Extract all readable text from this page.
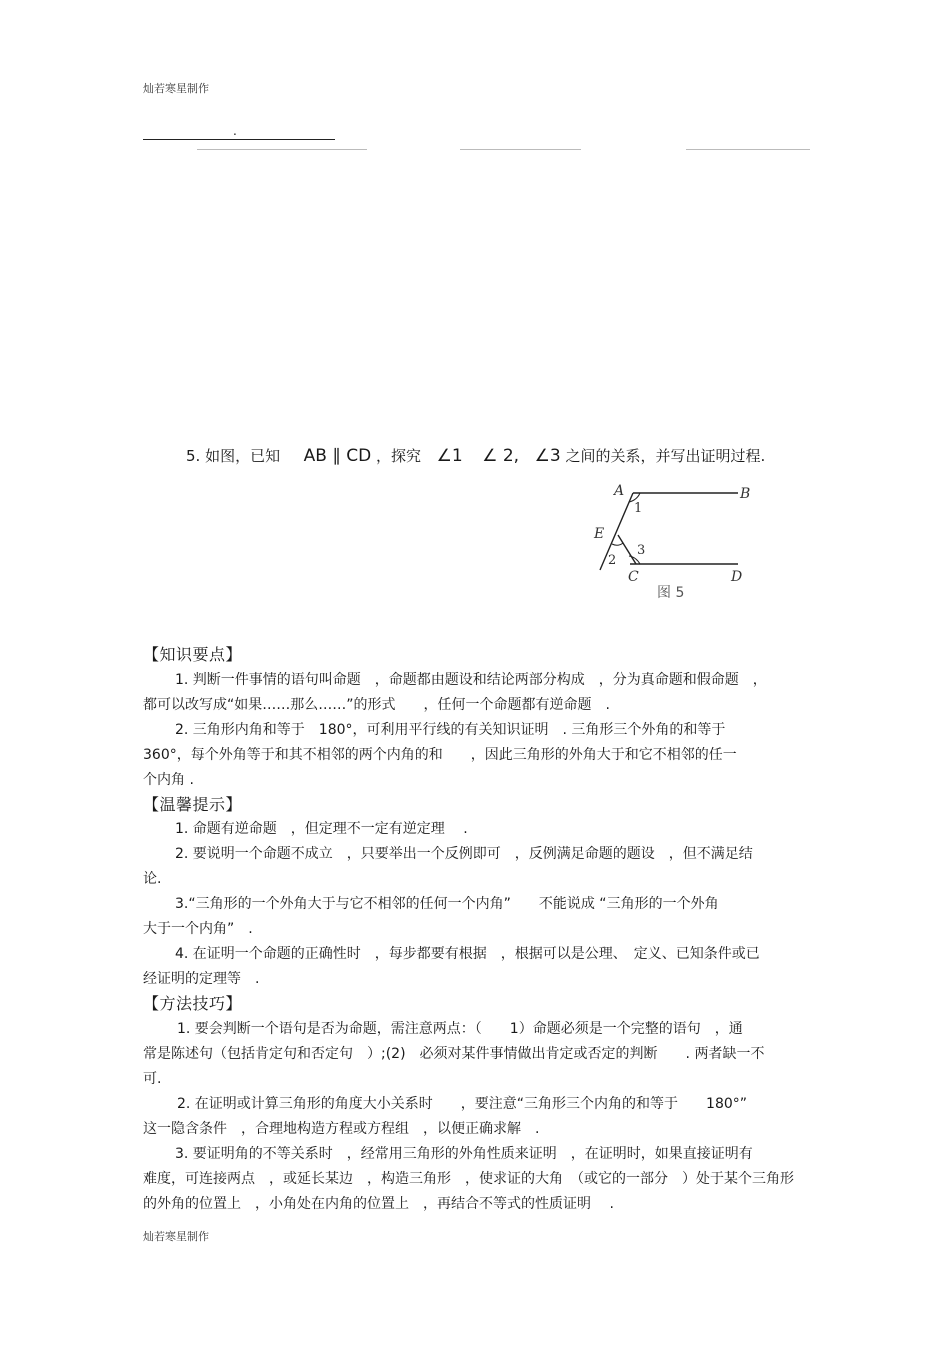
灿若寒星制作
.
5. 如图，已知 AB ∥ CD ，探究 ∠1 ∠ 2, ∠3 之间的关系，并写出证明过程.
A	B
C	D
E
1
2
3
图 5
【知识要点】
1. 判断一件事情的语句叫命题　，命题都由题设和结论两部分构成　，分为真命题和假命题　，
都可以改写成“如果……那么……”的形式　　，任何一个命题都有逆命题　.
2. 三角形内角和等于　180°，可利用平行线的有关知识证明　. 三角形三个外角的和等于
360°，每个外角等于和其不相邻的两个内角的和　　，因此三角形的外角大于和它不相邻的任一
个内角 .
【温馨提示】
1. 命题有逆命题　，但定理不一定有逆定理　 .
2. 要说明一个命题不成立　，只要举出一个反例即可　，反例满足命题的题设　，但不满足结
论.
3.“三角形的一个外角大于与它不相邻的任何一个内角”　　不能说成 “三角形的一个外角
大于一个内角”　.
4. 在证明一个命题的正确性时　，每步都要有根据　，根据可以是公理、　定义、已知条件或已
经证明的定理等　.
【方法技巧】
1. 要会判断一个语句是否为命题，需注意两点：（　　1）命题必须是一个完整的语句　，通
常是陈述句（包括肯定句和否定句　）;(2)　必须对某件事情做出肯定或否定的判断　　. 两者缺一不
可.
2. 在证明或计算三角形的角度大小关系时　　，要注意“三角形三个内角的和等于　　180°”
这一隐含条件　，合理地构造方程或方程组　，以便正确求解　.
3. 要证明角的不等关系时　，经常用三角形的外角性质来证明　，在证明时，如果直接证明有
难度，可连接两点　，或延长某边　，构造三角形　，使求证的大角　（或它的一部分　）处于某个三角形
的外角的位置上　，小角处在内角的位置上　，再结合不等式的性质证明　 .
灿若寒星制作
